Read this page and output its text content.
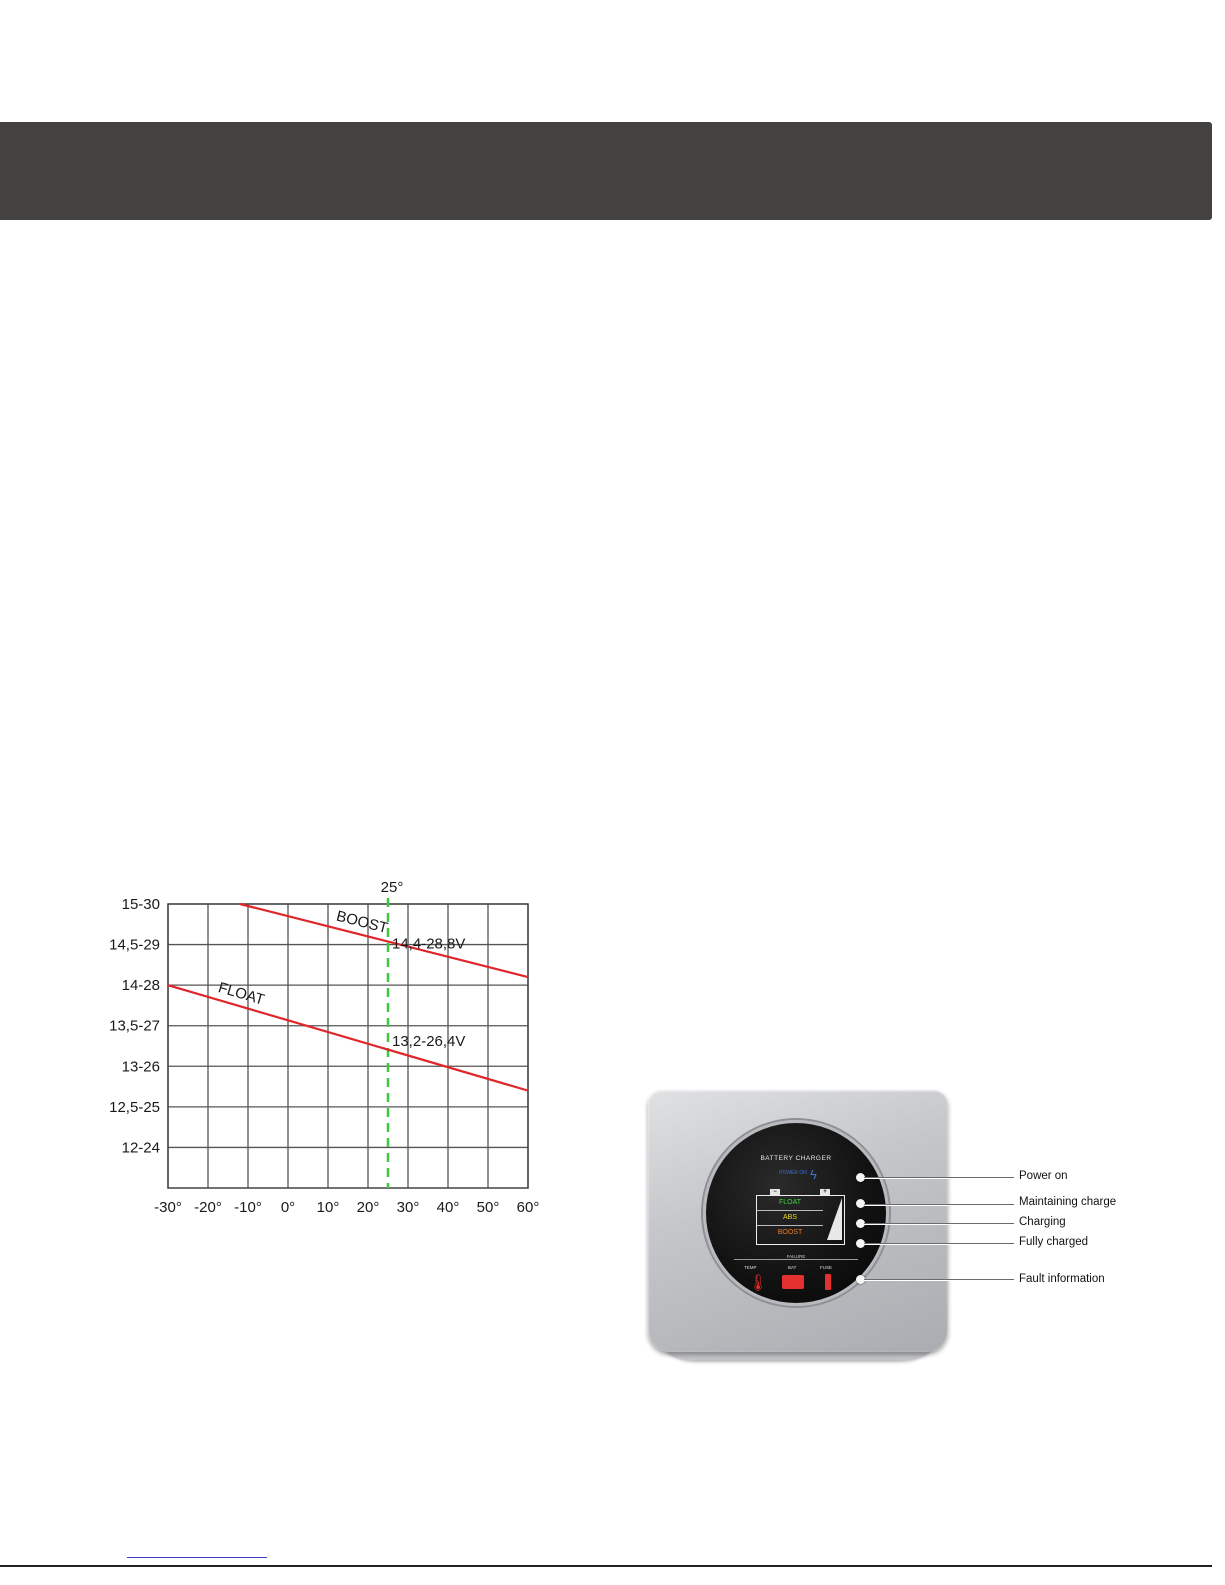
-30° -20° -10° 0° 10° 20° 30° 40° 50° 60°
15-30
14,5-29
14-28
13,5-27
13-26
12,5-25
12-24
25°
BOOST
FLOAT
14,4-28,8V
13,2-26,4V
BATTERY CHARGER
POWER ON ϟ
−	+
FLOAT
ABS
BOOST
FAILURE
TEMP	BAT	FUSE
🌡
Power on
Maintaining charge
Charging
Fully charged
Fault information
